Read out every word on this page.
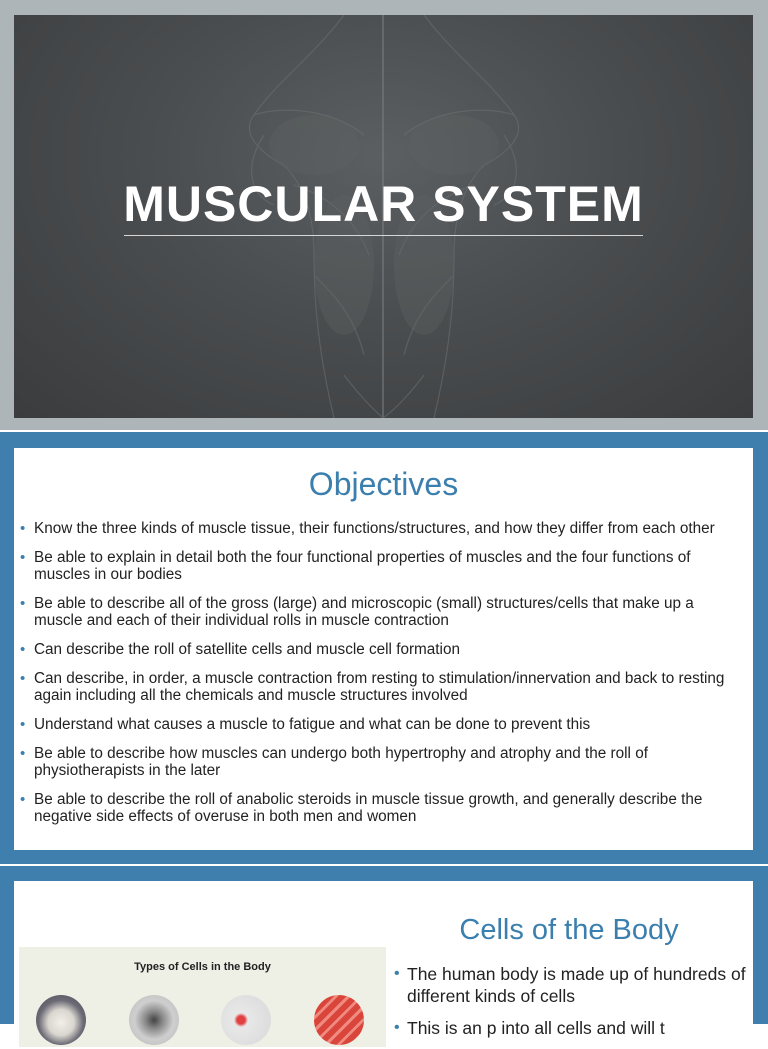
MUSCULAR SYSTEM
Objectives
• Know the three kinds of muscle tissue, their functions/structures, and how they differ from each other
• Be able to explain in detail both the four functional properties of muscles and the four functions of muscles in our bodies
• Be able to describe all of the gross (large) and microscopic (small) structures/cells that make up a muscle and each of their individual rolls in muscle contraction
• Can describe the roll of satellite cells and muscle cell formation
• Can describe, in order, a muscle contraction from resting to stimulation/innervation and back to resting again including all the chemicals and muscle structures involved
• Understand what causes a muscle to fatigue and what can be done to prevent this
• Be able to describe how muscles can undergo both hypertrophy and atrophy and the roll of physiotherapists in the later
• Be able to describe the roll of anabolic steroids in muscle tissue growth, and generally describe the negative side effects of overuse in both men and women
Cells of the Body
Types of Cells in the Body	• The human body is made up of hundreds of different kinds of cells
• This is an p into all cells and will t
